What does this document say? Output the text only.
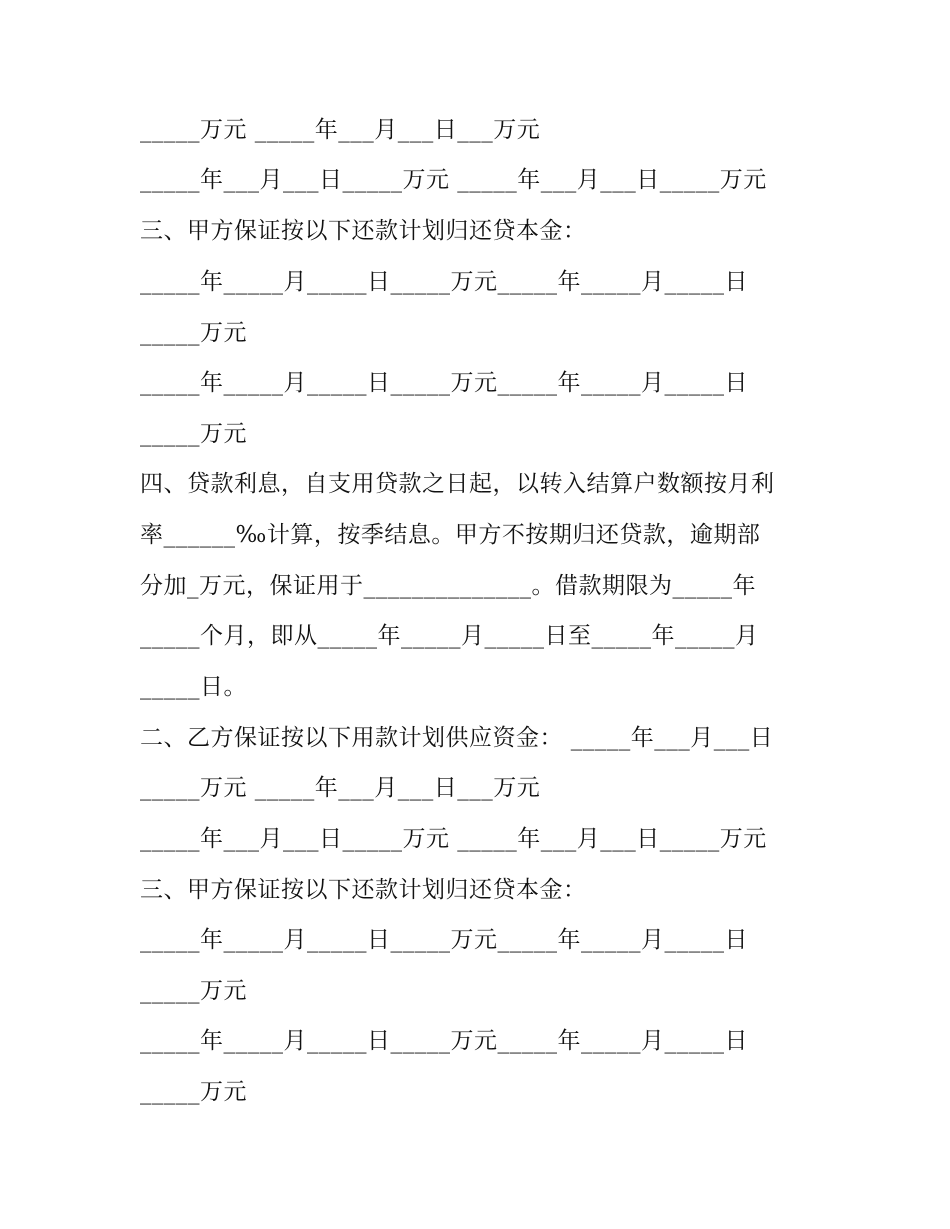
_____万元 _____年___月___日___万元
_____年___月___日_____万元 _____年___月___日_____万元
三、甲方保证按以下还款计划归还贷本金：
_____年_____月_____日_____万元_____年_____月_____日
_____万元
_____年_____月_____日_____万元_____年_____月_____日
_____万元
四、贷款利息，自支用贷款之日起，以转入结算户数额按月利
率______‰计算，按季结息。甲方不按期归还贷款，逾期部
分加_万元，保证用于______________。借款期限为_____年
_____个月，即从_____年_____月_____日至_____年_____月
_____日。
二、乙方保证按以下用款计划供应资金： _____年___月___日
_____万元 _____年___月___日___万元
_____年___月___日_____万元 _____年___月___日_____万元
三、甲方保证按以下还款计划归还贷本金：
_____年_____月_____日_____万元_____年_____月_____日
_____万元
_____年_____月_____日_____万元_____年_____月_____日
_____万元
